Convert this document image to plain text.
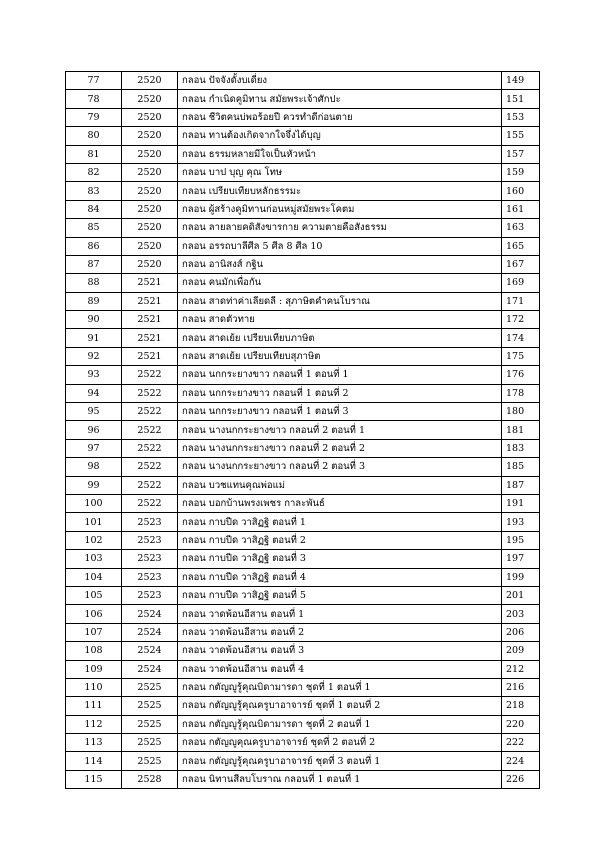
77	2520	กลอน ปัจจังดั้งบเดี่ยง	149
78	2520	กลอน กำเนิดคูมิทาน สมัยพระเจ้าศักปะ	151
79	2520	กลอน ชีวิตคนบ่พอร้อยปี ควรทำดีก่อนตาย	153
80	2520	กลอน ทานต้องเกิดจากใจจึ่งได้บุญ	155
81	2520	กลอน ธรรมหลายมีใจเป็นหัวหน้า	157
82	2520	กลอน บาป บุญ คุณ โทษ	159
83	2520	กลอน เปรียบเทียบหลักธรรมะ	160
84	2520	กลอน ผู้สร้างคูมิทานก่อนหมู่สมัยพระโคตม	161
85	2520	กลอน ลายลายคดิสังขารกาย ความตายคือสังธรรม	163
86	2520	กลอน อรรถบาลีศีล 5 ศีล 8 ศีล 10	165
87	2520	กลอน อานิสงส์ กฐิน	167
88	2521	กลอน คนมักเพื่อกัน	169
89	2521	กลอน สาดท่าค่าเลียดลี : สุภาษิตคำคนโบราณ	171
90	2521	กลอน สาดตัวทาย	172
91	2521	กลอน สาดเย้ย เปรียบเทียบภาษิต	174
92	2521	กลอน สาดเย้ย เปรียบเทียบสุภาษิต	175
93	2522	กลอน นกกระยางขาว กลอนที่ 1 ตอนที่ 1	176
94	2522	กลอน นกกระยางขาว กลอนที่ 1 ตอนที่ 2	178
95	2522	กลอน นกกระยางขาว กลอนที่ 1 ตอนที่ 3	180
96	2522	กลอน นางนกกระยางขาว กลอนที่ 2 ตอนที่ 1	181
97	2522	กลอน นางนกกระยางขาว กลอนที่ 2 ตอนที่ 2	183
98	2522	กลอน นางนกกระยางขาว กลอนที่ 2 ตอนที่ 3	185
99	2522	กลอน บวชแทนคุณพ่อแม่	187
100	2522	กลอน บอกบ้านพรงเพชร กาละพันธ์	191
101	2523	กลอน กาบปีด วาสิฏฐิ ตอนที่ 1	193
102	2523	กลอน กาบปีด วาสิฏฐิ ตอนที่ 2	195
103	2523	กลอน กาบปีด วาสิฏฐิ ตอนที่ 3	197
104	2523	กลอน กาบปีด วาสิฏฐิ ตอนที่ 4	199
105	2523	กลอน กาบปีด วาสิฏฐิ ตอนที่ 5	201
106	2524	กลอน วาดพ้อนอีสาน ตอนที่ 1	203
107	2524	กลอน วาดพ้อนอีสาน ตอนที่ 2	206
108	2524	กลอน วาดพ้อนอีสาน ตอนที่ 3	209
109	2524	กลอน วาดพ้อนอีสาน ตอนที่ 4	212
110	2525	กลอน กตัญญูรู้คุณบิดามารดา ชุดที่ 1 ตอนที่ 1	216
111	2525	กลอน กตัญญูรู้คุณครูบาอาจารย์ ชุดที่ 1 ตอนที่ 2	218
112	2525	กลอน กตัญญูรู้คุณบิดามารดา ชุดที่ 2 ตอนที่ 1	220
113	2525	กลอน กตัญญูคุณครูบาอาจารย์ ชุดที่ 2 ตอนที่ 2	222
114	2525	กลอน กตัญญูรู้คุณครูบาอาจารย์ ชุดที่ 3 ตอนที่ 1	224
115	2528	กลอน นิทานสีลบโบราณ กลอนที่ 1 ตอนที่ 1	226
